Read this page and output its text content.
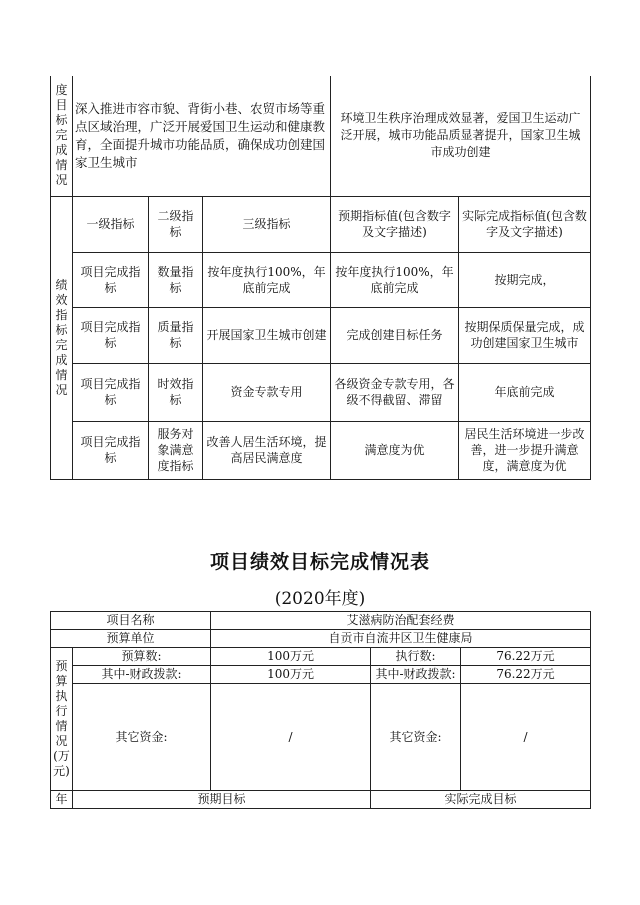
度目标完成情况	深入推进市容市貌、背街小巷、农贸市场等重点区域治理，广泛开展爱国卫生运动和健康教育，全面提升城市功能品质，确保成功创建国家卫生城市			环境卫生秩序治理成效显著，爱国卫生运动广泛开展，城市功能品质显著提升，国家卫生城市成功创建	

绩效指标完成情况	一级指标	二级指标	三级指标	预期指标值(包含数字及文字描述)	实际完成指标值(包含数字及文字描述)
	项目完成指标	数量指标	按年度执行100%，年底前完成	按年度执行100%，年底前完成	按期完成，
	项目完成指标	质量指标	开展国家卫生城市创建	完成创建目标任务	按期保质保量完成，成功创建国家卫生城市
	项目完成指标	时效指标	资金专款专用	各级资金专款专用，各级不得截留、滞留	年底前完成
	项目完成指标	服务对象满意度指标	改善人居生活环境，提高居民满意度	满意度为优	居民生活环境进一步改善，进一步提升满意度，满意度为优
项目绩效目标完成情况表
(2020年度)
项目名称		艾滋病防治配套经费		
预算单位		自贡市自流井区卫生健康局		
预算执行情况(万元)	预算数:	100万元	执行数:	76.22万元
	其中-财政拨款:	100万元	其中-财政拨款:	76.22万元
	其它资金:	/	其它资金:	/
年	预期目标		实际完成目标	
